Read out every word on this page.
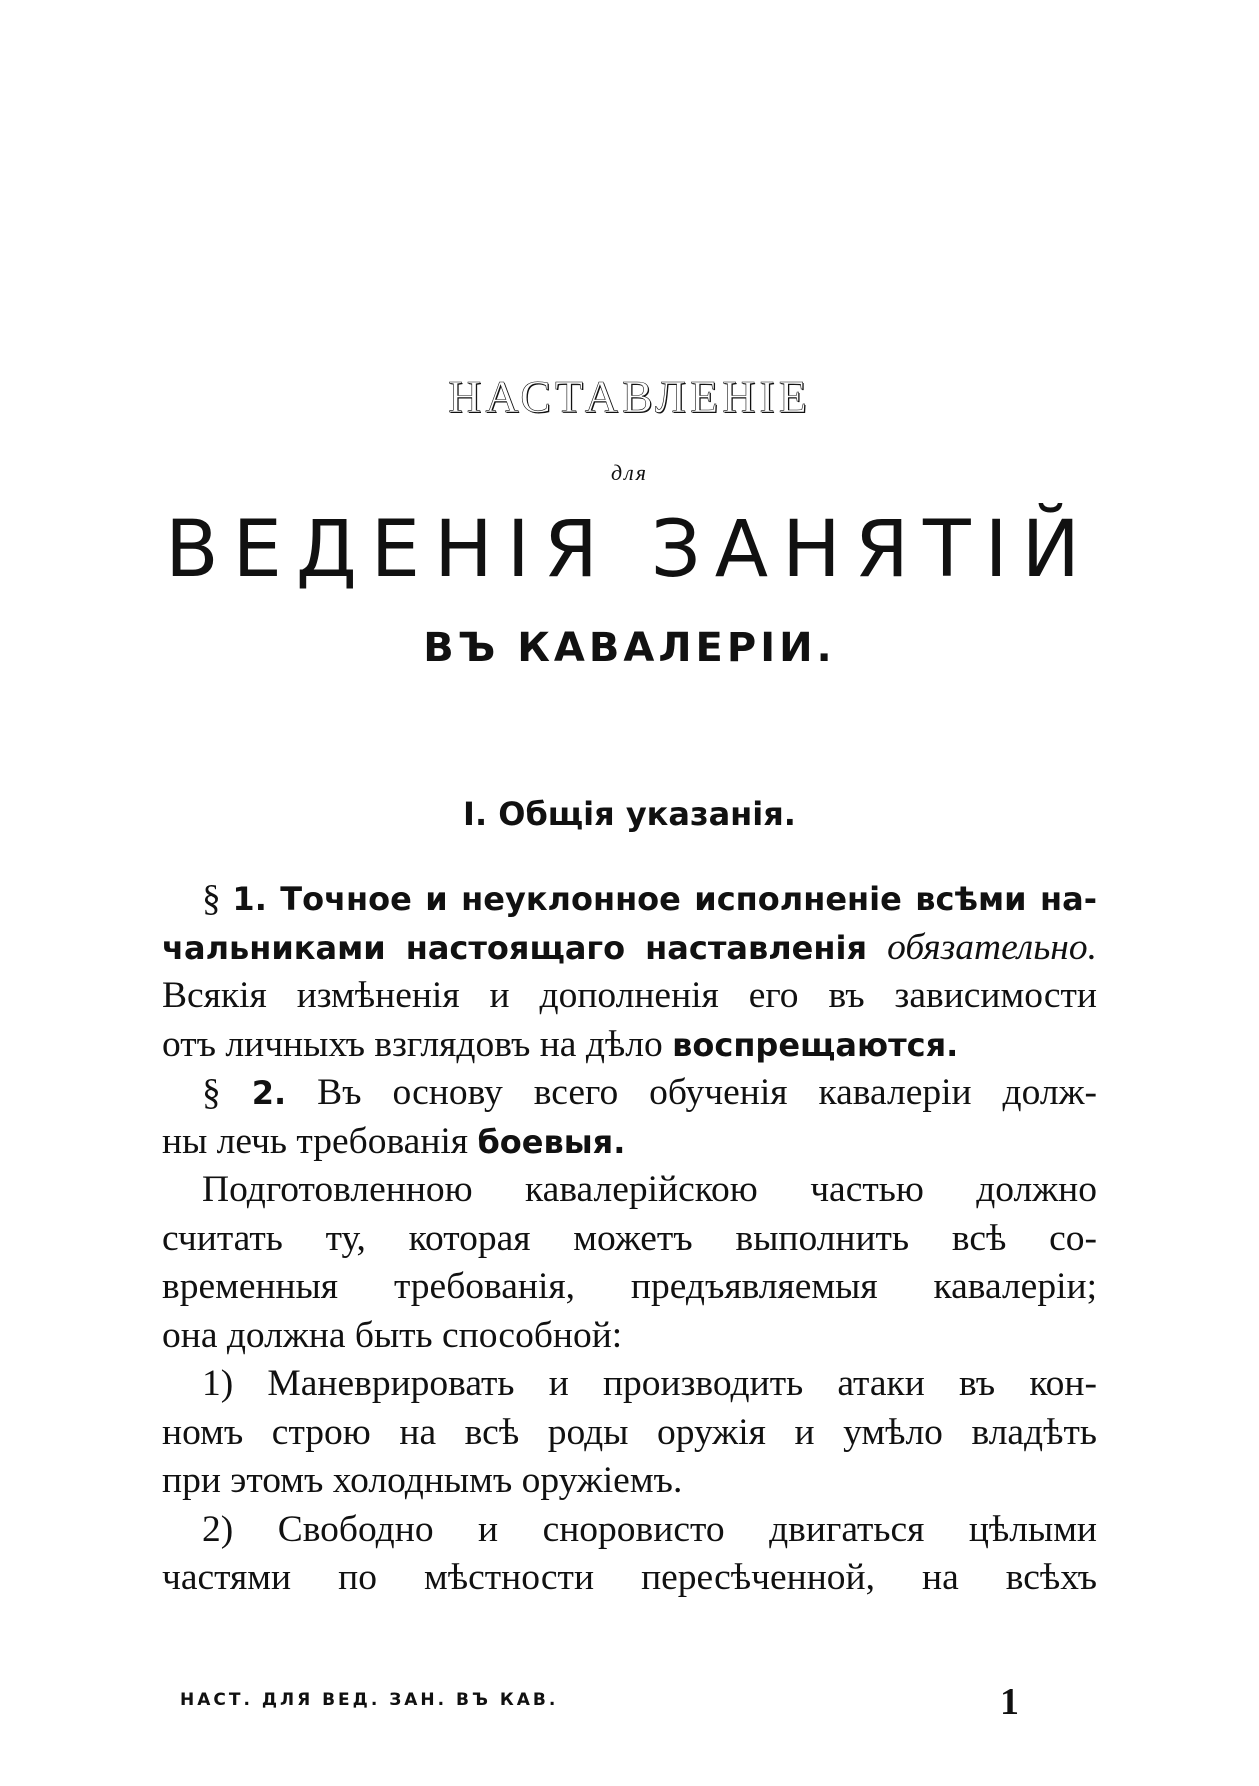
НАСТАВЛЕНІЕ
для
ВЕДЕНІЯ ЗАНЯТІЙ
ВЪ КАВАЛЕРІИ.
I. Общія указанія.

§ 1. Точное и неуклонное исполненіе всѣми на-
чальниками настоящаго наставленія обязательно.
Всякія измѣненія и дополненія его въ зависимости
отъ личныхъ взглядовъ на дѣло воспрещаются.

§ 2. Въ основу всего обученія кавалеріи долж-
ны лечь требованія боевыя.

Подготовленною кавалерійскою частью должно
считать ту, которая можетъ выполнить всѣ со-
временныя требованія, предъявляемыя кавалеріи;
она должна быть способной:

1) Маневрировать и производить атаки въ кон-
номъ строю на всѣ роды оружія и умѣло владѣть
при этомъ холоднымъ оружіемъ.

2) Свободно и сноровисто двигаться цѣлыми
частями по мѣстности пересѣченной, на всѣхъ

НАСТ. ДЛЯ ВЕД. ЗАН. ВЪ КАВ.	1
